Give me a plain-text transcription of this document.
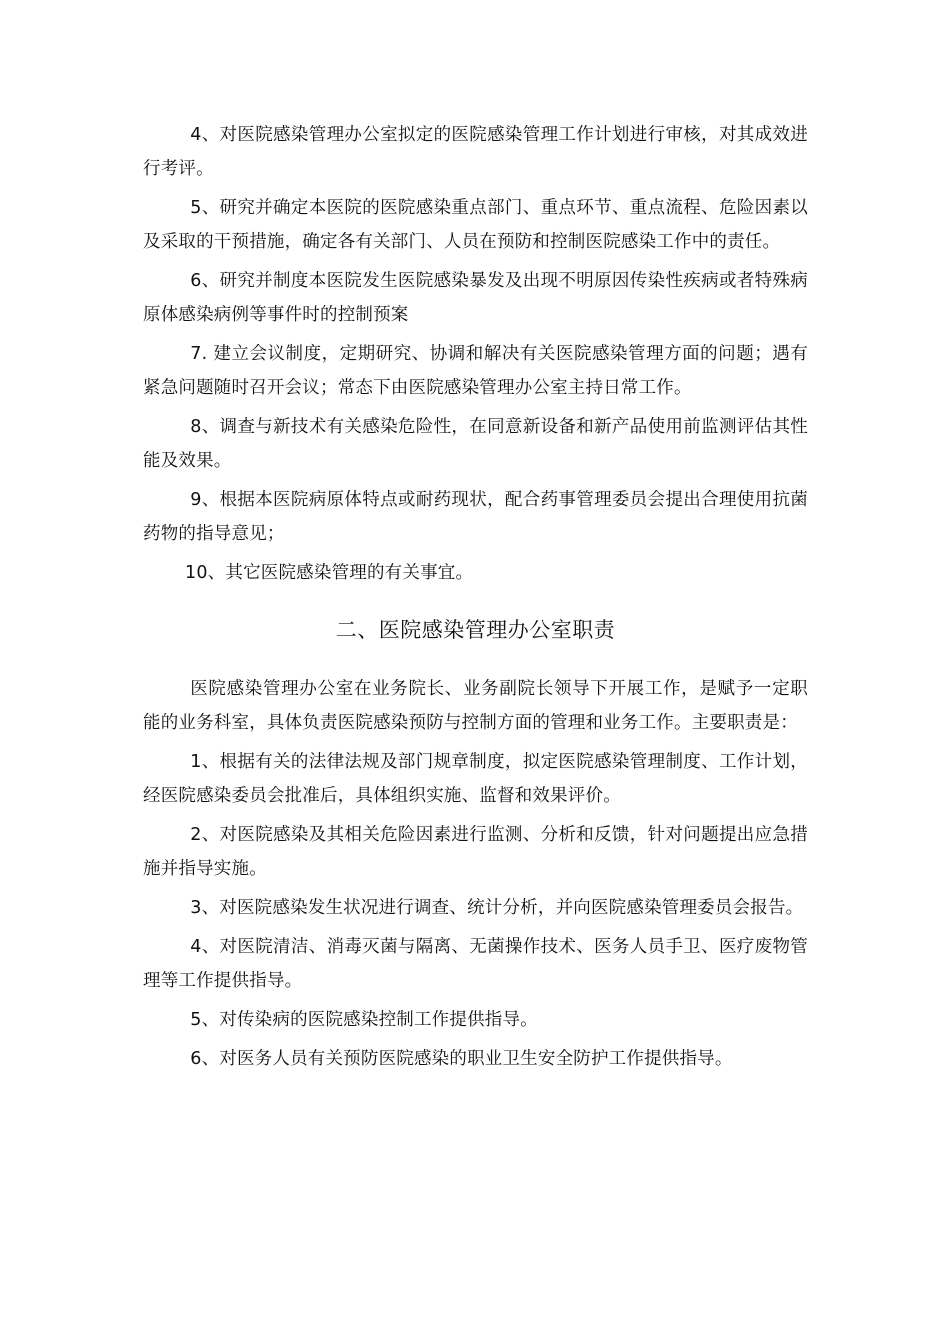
4、对医院感染管理办公室拟定的医院感染管理工作计划进行审核，对其成效进行考评。

5、研究并确定本医院的医院感染重点部门、重点环节、重点流程、危险因素以及采取的干预措施，确定各有关部门、人员在预防和控制医院感染工作中的责任。

6、研究并制度本医院发生医院感染暴发及出现不明原因传染性疾病或者特殊病原体感染病例等事件时的控制预案

7. 建立会议制度，定期研究、协调和解决有关医院感染管理方面的问题；遇有紧急问题随时召开会议；常态下由医院感染管理办公室主持日常工作。

8、调查与新技术有关感染危险性，在同意新设备和新产品使用前监测评估其性能及效果。

9、根据本医院病原体特点或耐药现状，配合药事管理委员会提出合理使用抗菌药物的指导意见；

10、其它医院感染管理的有关事宜。

二、医院感染管理办公室职责

医院感染管理办公室在业务院长、业务副院长领导下开展工作，是赋予一定职能的业务科室，具体负责医院感染预防与控制方面的管理和业务工作。主要职责是：

1、根据有关的法律法规及部门规章制度，拟定医院感染管理制度、工作计划，经医院感染委员会批准后，具体组织实施、监督和效果评价。

2、对医院感染及其相关危险因素进行监测、分析和反馈，针对问题提出应急措施并指导实施。

3、对医院感染发生状况进行调查、统计分析，并向医院感染管理委员会报告。

4、对医院清洁、消毒灭菌与隔离、无菌操作技术、医务人员手卫、医疗废物管理等工作提供指导。

5、对传染病的医院感染控制工作提供指导。

6、对医务人员有关预防医院感染的职业卫生安全防护工作提供指导。
